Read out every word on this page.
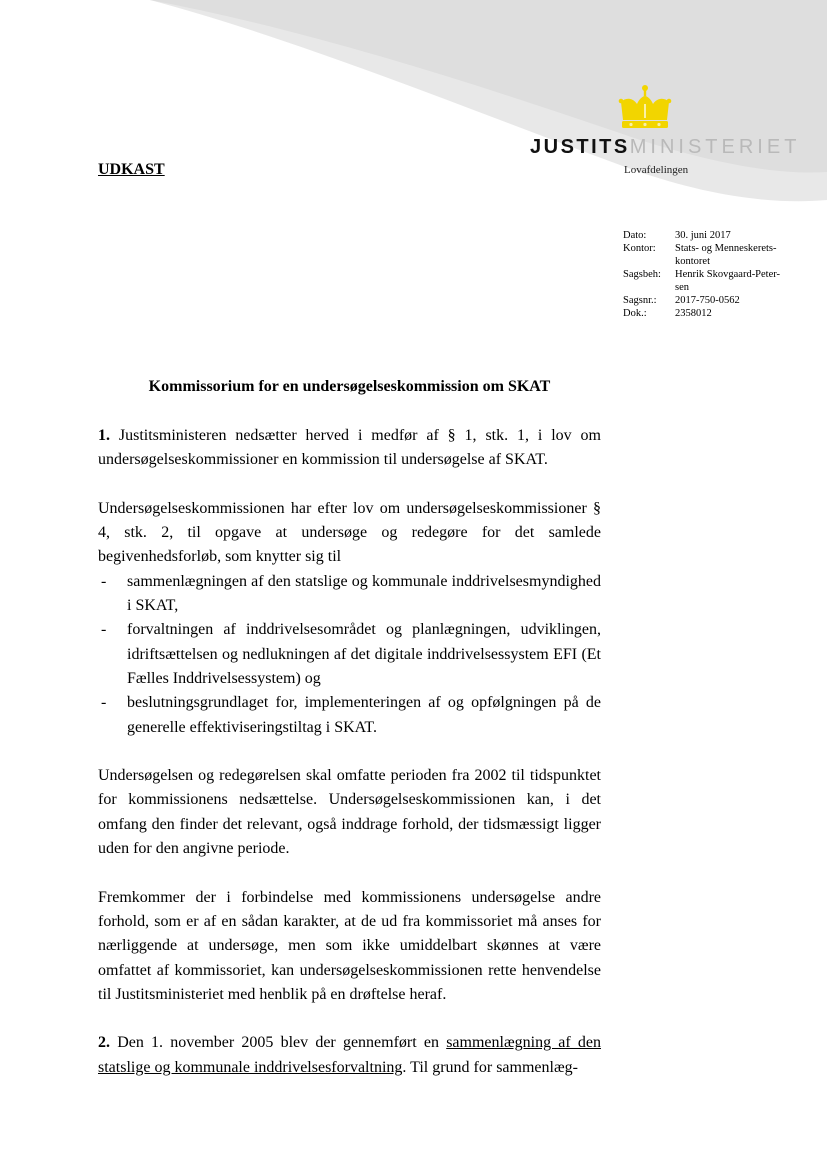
JUSTITSMINISTERIET
Lovafdelingen
UDKAST
Dato:	30. juni 2017
Kontor:	Stats- og Menneskerets-kontoret
Sagsbeh:	Henrik Skovgaard-Peter-sen
Sagsnr.:	2017-750-0562
Dok.:	2358012
Kommissorium for en undersøgelseskommission om SKAT

1. Justitsministeren nedsætter herved i medfør af § 1, stk. 1, i lov om undersøgelseskommissioner en kommission til undersøgelse af SKAT.

Undersøgelseskommissionen har efter lov om undersøgelseskommissioner § 4, stk. 2, til opgave at undersøge og redegøre for det samlede begivenhedsforløb, som knytter sig til

- sammenlægningen af den statslige og kommunale inddrivelsesmyndighed i SKAT,
- forvaltningen af inddrivelsesområdet og planlægningen, udviklingen, idriftsættelsen og nedlukningen af det digitale inddrivelsessystem EFI (Et Fælles Inddrivelsessystem) og
- beslutningsgrundlaget for, implementeringen af og opfølgningen på de generelle effektiviseringstiltag i SKAT.

Undersøgelsen og redegørelsen skal omfatte perioden fra 2002 til tidspunktet for kommissionens nedsættelse. Undersøgelseskommissionen kan, i det omfang den finder det relevant, også inddrage forhold, der tidsmæssigt ligger uden for den angivne periode.

Fremkommer der i forbindelse med kommissionens undersøgelse andre forhold, som er af en sådan karakter, at de ud fra kommissoriet må anses for nærliggende at undersøge, men som ikke umiddelbart skønnes at være omfattet af kommissoriet, kan undersøgelseskommissionen rette henvendelse til Justitsministeriet med henblik på en drøftelse heraf.

2. Den 1. november 2005 blev der gennemført en sammenlægning af den statslige og kommunale inddrivelsesforvaltning. Til grund for sammenlæg-
